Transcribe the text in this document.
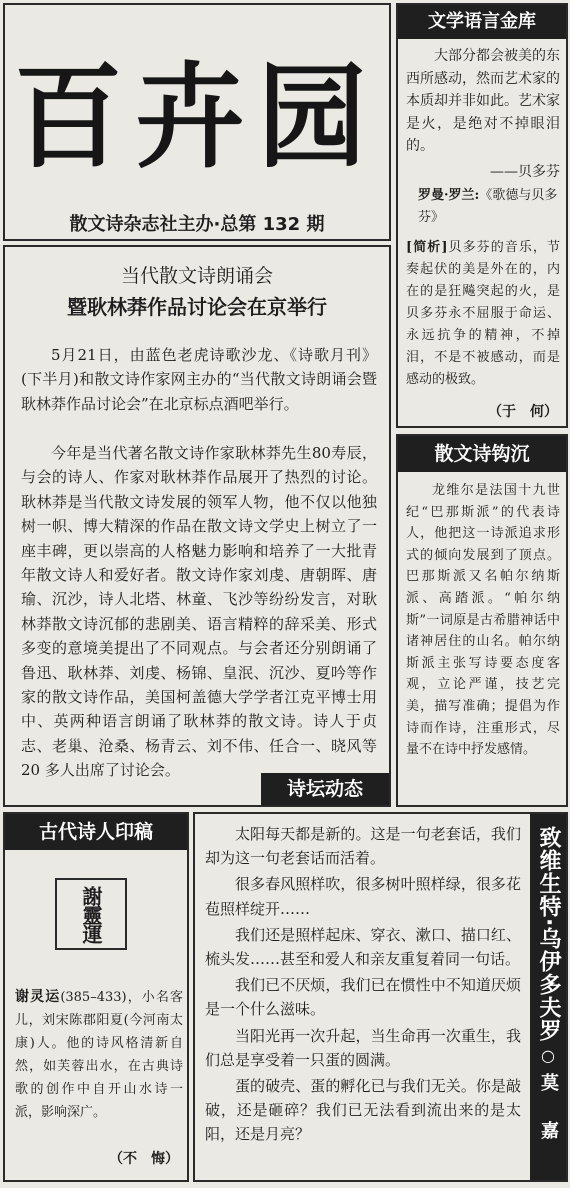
百卉园
散文诗杂志社主办·总第 132 期
文学语言金库

大部分都会被美的东西所感动，然而艺术家的本质却并非如此。艺术家是火，是绝对不掉眼泪的。

——贝多芬
罗曼·罗兰:《歌德与贝多芬》

[简析]贝多芬的音乐，节奏起伏的美是外在的，内在的是狂飚突起的火，是贝多芬永不屈服于命运、永远抗争的精神，不掉泪，不是不被感动，而是感动的极致。

（于　何）
当代散文诗朗诵会
暨耿林莽作品讨论会在京举行

5月21日，由蓝色老虎诗歌沙龙、《诗歌月刊》(下半月)和散文诗作家网主办的“当代散文诗朗诵会暨耿林莽作品讨论会”在北京标点酒吧举行。

今年是当代著名散文诗作家耿林莽先生80寿辰，与会的诗人、作家对耿林莽作品展开了热烈的讨论。耿林莽是当代散文诗发展的领军人物，他不仅以他独树一帜、博大精深的作品在散文诗文学史上树立了一座丰碑，更以崇高的人格魅力影响和培养了一大批青年散文诗人和爱好者。散文诗作家刘虔、唐朝晖、唐瑜、沉沙，诗人北塔、林童、飞沙等纷纷发言，对耿林莽散文诗沉郁的悲剧美、语言精粹的辞采美、形式多变的意境美提出了不同观点。与会者还分别朗诵了鲁迅、耿林莽、刘虔、杨锦、皇泯、沉沙、夏吟等作家的散文诗作品，美国柯盖德大学学者江克平博士用中、英两种语言朗诵了耿林莽的散文诗。诗人于贞志、老巢、沧桑、杨青云、刘不伟、任合一、晓风等 20 多人出席了讨论会。

诗坛动态
散文诗钩沉

龙维尔是法国十九世纪“巴那斯派”的代表诗人，他把这一诗派追求形式的倾向发展到了顶点。巴那斯派又名帕尔纳斯派、高踏派。“帕尔纳斯”一词原是古希腊神话中诸神居住的山名。帕尔纳斯派主张写诗要态度客观，立论严谨，技艺完美，描写准确；提倡为作诗而作诗，注重形式，尽量不在诗中抒发感情。

古代诗人印稿
謝靈運

谢灵运(385–433)，小名客儿，刘宋陈郡阳夏(今河南太康)人。他的诗风格清新自然，如芙蓉出水，在古典诗歌的创作中自开山水诗一派，影响深广。

（不　悔）

太阳每天都是新的。这是一句老套话，我们却为这一句老套话而活着。

很多春风照样吹，很多树叶照样绿，很多花苞照样绽开……

我们还是照样起床、穿衣、漱口、描口红、梳头发……甚至和爱人和亲友重复着同一句话。

我们已不厌烦，我们已在惯性中不知道厌烦是一个什么滋味。

当阳光再一次升起，当生命再一次重生，我们总是享受着一只蛋的圆满。

蛋的破壳、蛋的孵化已与我们无关。你是敲破，还是砸碎？我们已无法看到流出来的是太阳，还是月亮？

致维生特·乌伊多夫罗
○
莫　嘉
